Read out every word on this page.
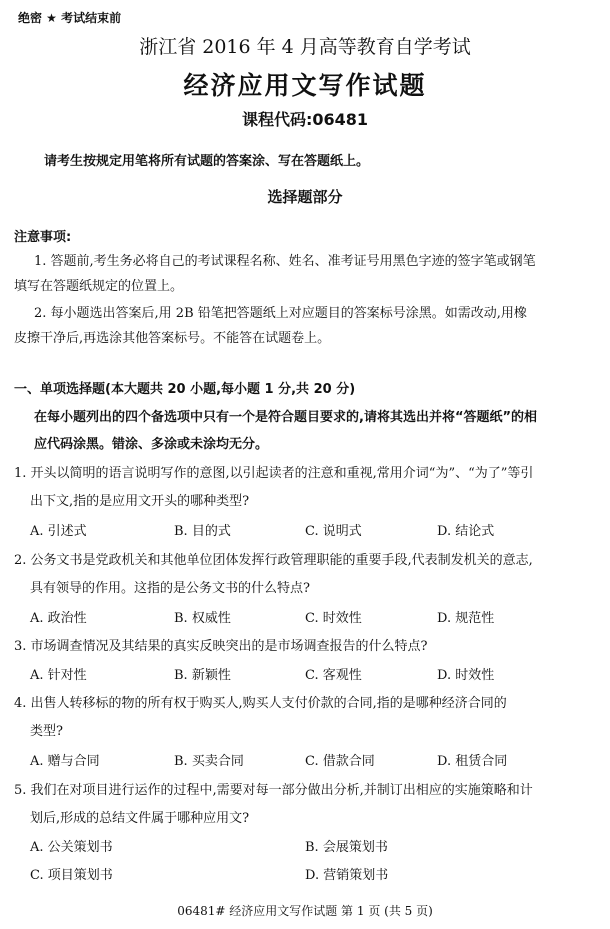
绝密 ★ 考试结束前
浙江省 2016 年 4 月高等教育自学考试
经济应用文写作试题
课程代码:06481
请考生按规定用笔将所有试题的答案涂、写在答题纸上。
选择题部分
注意事项:
1. 答题前,考生务必将自己的考试课程名称、姓名、准考证号用黑色字迹的签字笔或钢笔
填写在答题纸规定的位置上。
2. 每小题选出答案后,用 2B 铅笔把答题纸上对应题目的答案标号涂黑。如需改动,用橡
皮擦干净后,再选涂其他答案标号。不能答在试题卷上。
一、单项选择题(本大题共 20 小题,每小题 1 分,共 20 分)
在每小题列出的四个备选项中只有一个是符合题目要求的,请将其选出并将“答题纸”的相
应代码涂黑。错涂、多涂或未涂均无分。
1. 开头以简明的语言说明写作的意图,以引起读者的注意和重视,常用介词“为”、“为了”等引
出下文,指的是应用文开头的哪种类型?
A. 引述式	B. 目的式	C. 说明式	D. 结论式
2. 公务文书是党政机关和其他单位团体发挥行政管理职能的重要手段,代表制发机关的意志,
具有领导的作用。这指的是公务文书的什么特点?
A. 政治性	B. 权威性	C. 时效性	D. 规范性
3. 市场调查情况及其结果的真实反映突出的是市场调查报告的什么特点?
A. 针对性	B. 新颖性	C. 客观性	D. 时效性
4. 出售人转移标的物的所有权于购买人,购买人支付价款的合同,指的是哪种经济合同的
类型?
A. 赠与合同	B. 买卖合同	C. 借款合同	D. 租赁合同
5. 我们在对项目进行运作的过程中,需要对每一部分做出分析,并制订出相应的实施策略和计
划后,形成的总结文件属于哪种应用文?
A. 公关策划书	B. 会展策划书
C. 项目策划书	D. 营销策划书
06481# 经济应用文写作试题 第 1 页 (共 5 页)
